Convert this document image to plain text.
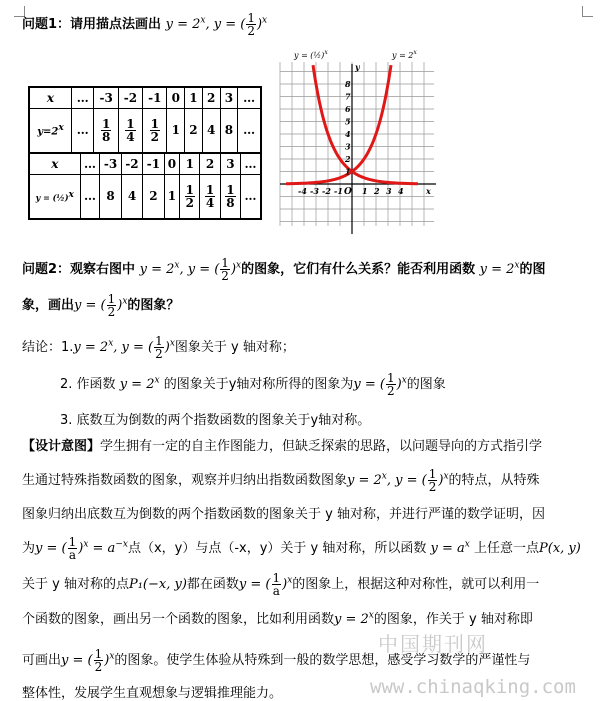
问题1：请用描点法画出 $y = 2^x$, y = ( $\frac{1}{2} )^x$
x	…	-3	-2	-1	0	1	2	3	…
$y=2^x$	…	$\frac{1}{8}$	$\frac{1}{4}$	$\frac{1}{2}$	1	2	4	8	…
x	…	-3	-2	-1	0	1	2	3	…
y = (½)$^x$	…	8	4	2	1	$\frac{1}{2}$	$\frac{1}{4}$	$\frac{1}{8}$	…
8
7
6
5
4
3
2
1
-4 -3 -2 -1 1 2 3 4
O	x
y
y = (½)$^x$	$y = 2^x$
问题2：观察右图中 $y = 2^x$, y = ( $\frac{1}{2} )^x$的图象，它们有什么关系？能否利用函数 $y = 2^x$的图
象，画出y = ( $\frac{1}{2} )^x$的图象？
结论：$1.y = 2^x$, y = ( $\frac{1}{2} )^x$图象关于 y 轴对称；
2. 作函数 $y = 2^x$ 的图象关于y轴对称所得的图象为y = ( $\frac{1}{2} )^x$的图象
3. 底数互为倒数的两个指数函数的图象关于y轴对称。
【设计意图】学生拥有一定的自主作图能力，但缺乏探索的思路，以问题导向的方式指引学
生通过特殊指数函数的图象，观察并归纳出指数函数图象$y = 2^x$, y = ( $\frac{1}{2} )^x$的特点，从特殊
图象归纳出底数互为倒数的两个指数函数的图象关于 y 轴对称，并进行严谨的数学证明，因
为y = ( $\frac{1}{a} )^x = a^{-x}$点（x，y）与点（-x，y）关于 y 轴对称，所以函数 $y = a^x$ 上任意一点P(x, y)
关于 y 轴对称的点P₁(−x, y)都在函数y = ( $\frac{1}{a} )^x$的图象上，根据这种对称性，就可以利用一
个函数的图象，画出另一个函数的图象，比如利用函数$y = 2^x$的图象，作关于 y 轴对称即
可画出y = ( $\frac{1}{2} )^x$的图象。使学生体验从特殊到一般的数学思想，感受学习数学的严谨性与
整体性，发展学生直观想象与逻辑推理能力。
中国期刊网
www.chinaqking.com
